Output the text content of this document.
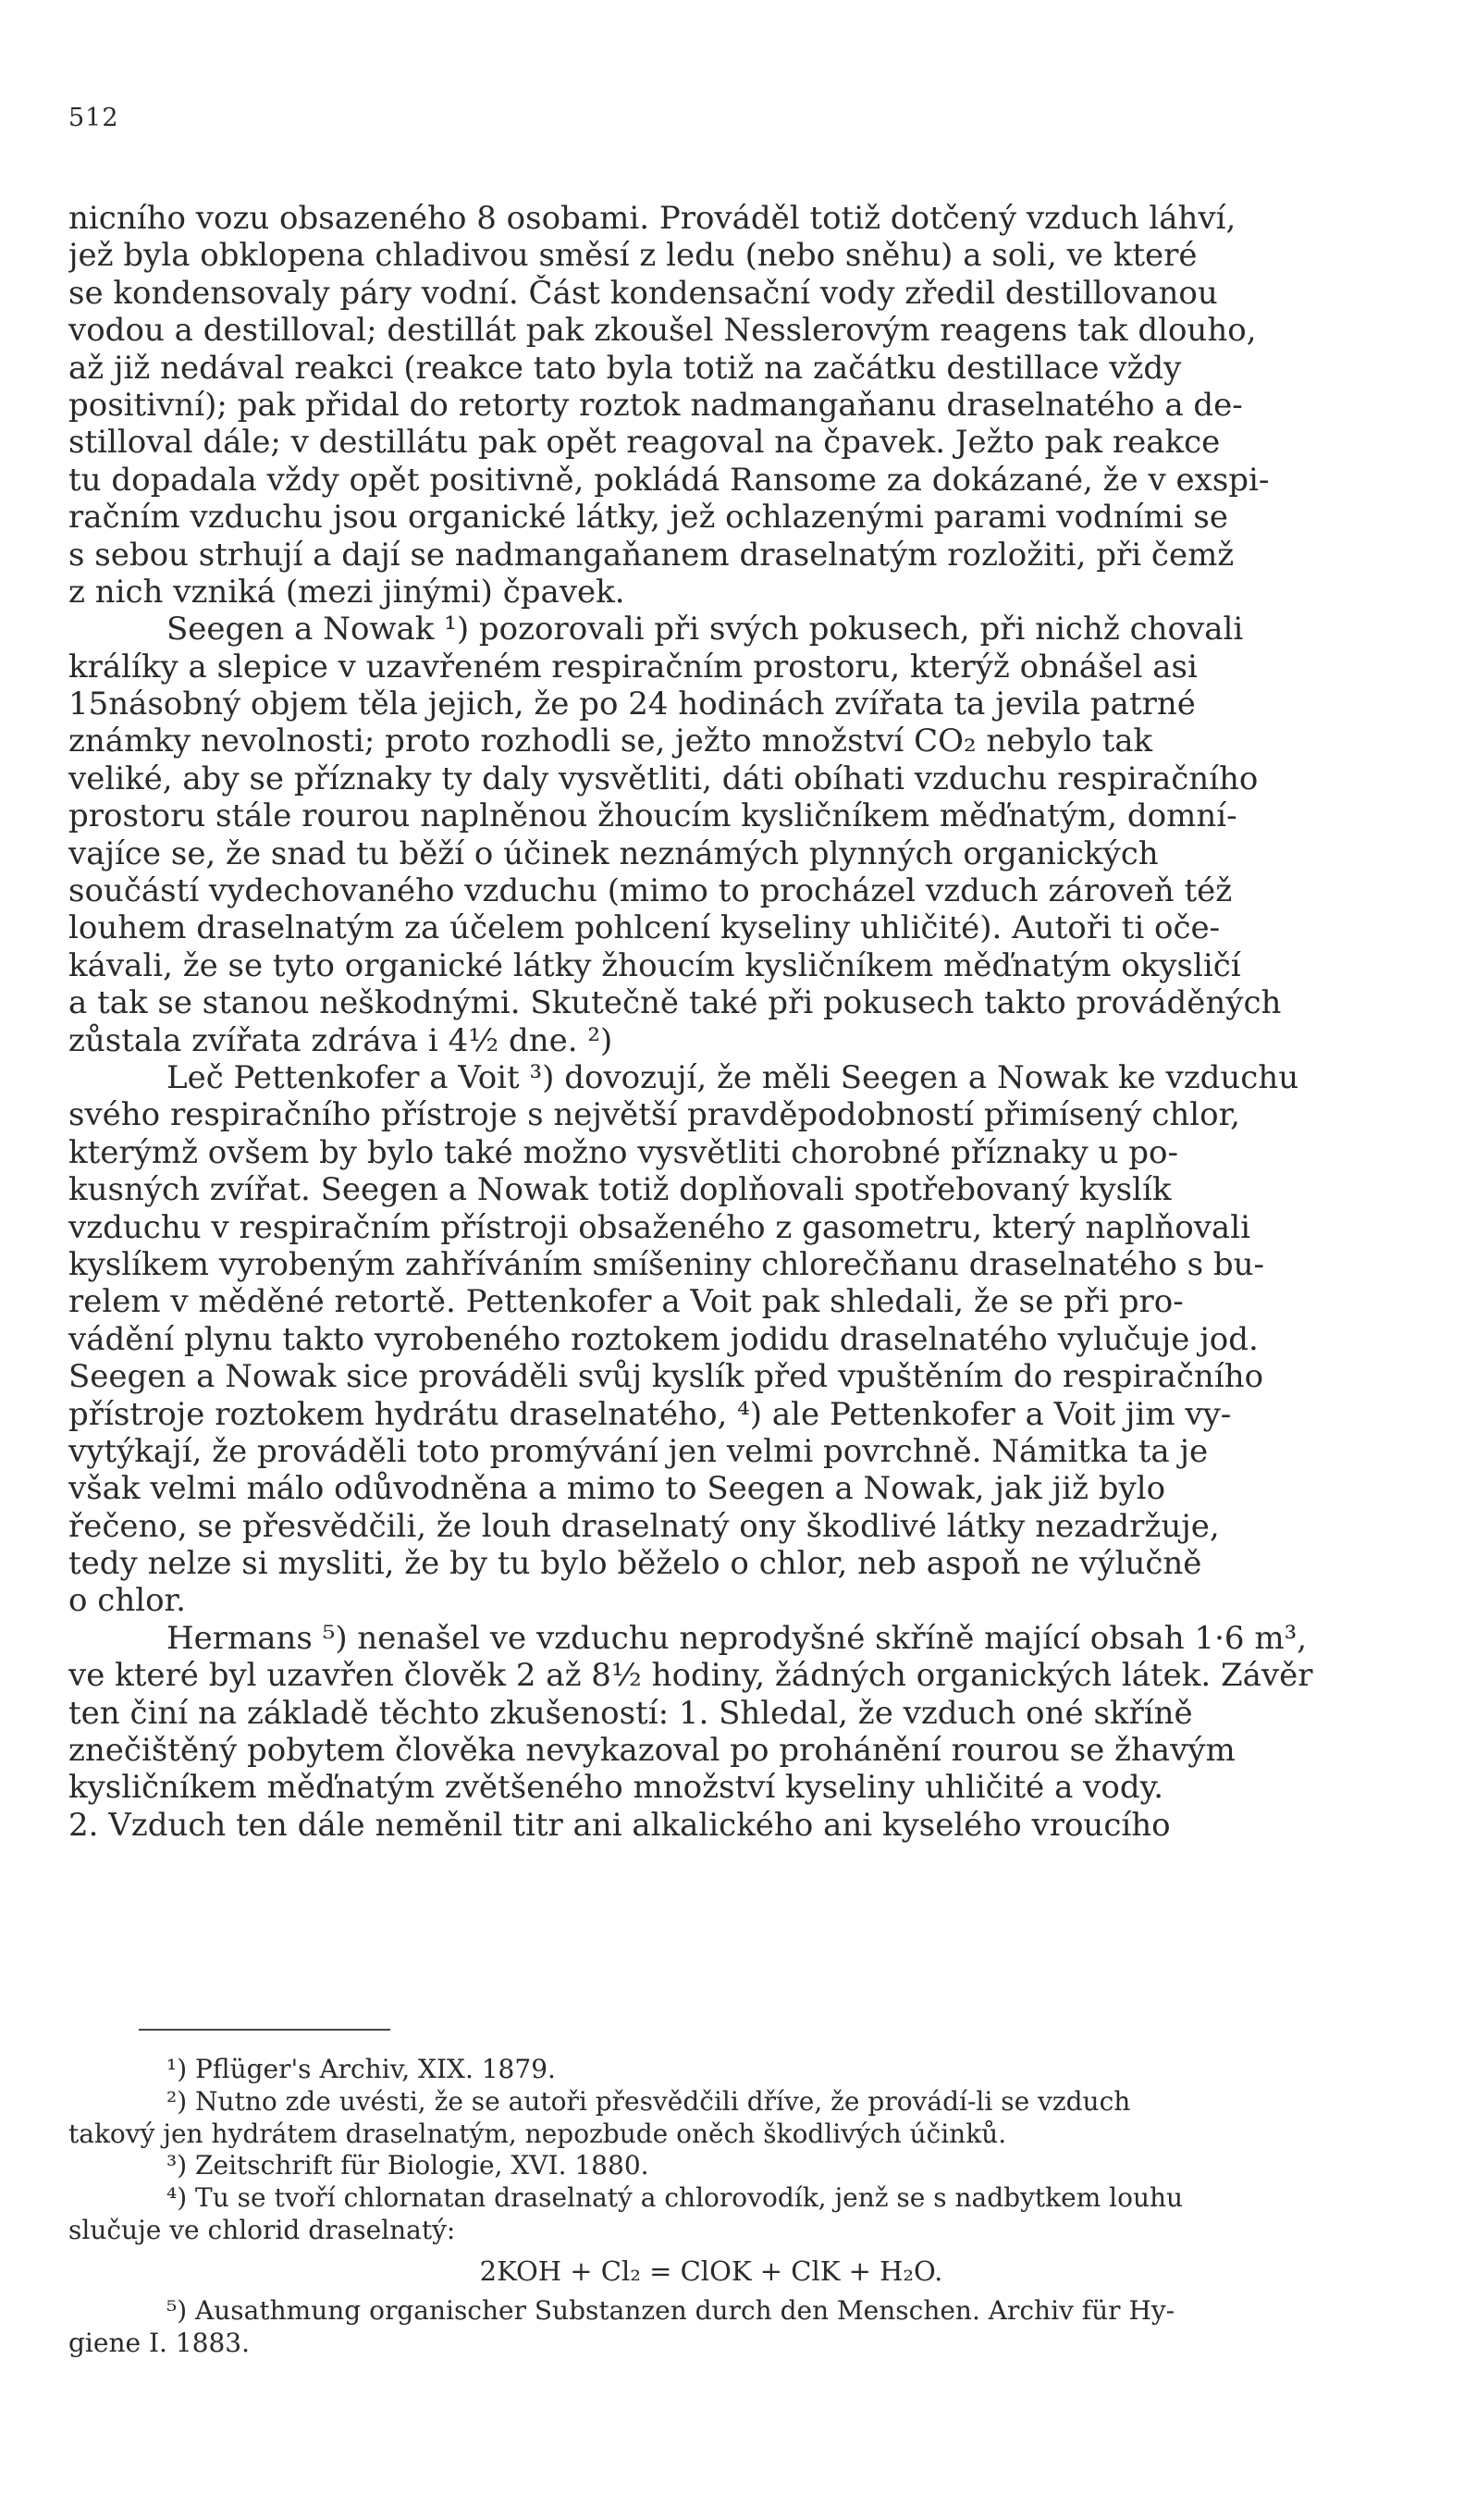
512
nicního vozu obsazeného 8 osobami. Prováděl totiž dotčený vzduch láhví,
jež byla obklopena chladivou směsí z ledu (nebo sněhu) a soli, ve které
se kondensovaly páry vodní. Část kondensační vody zředil destillovanou
vodou a destilloval; destillát pak zkoušel Nesslerovým reagens tak dlouho,
až již nedával reakci (reakce tato byla totiž na začátku destillace vždy
positivní); pak přidal do retorty roztok nadmangaňanu draselnatého a de-
stilloval dále; v destillátu pak opět reagoval na čpavek. Ježto pak reakce
tu dopadala vždy opět positivně, pokládá Ransome za dokázané, že v exspi-
račním vzduchu jsou organické látky, jež ochlazenými parami vodními se
s sebou strhují a dají se nadmangaňanem draselnatým rozložiti, při čemž
z nich vzniká (mezi jinými) čpavek.
Seegen a Nowak ¹) pozorovali při svých pokusech, při nichž chovali
králíky a slepice v uzavřeném respiračním prostoru, kterýž obnášel asi
15násobný objem těla jejich, že po 24 hodinách zvířata ta jevila patrné
známky nevolnosti; proto rozhodli se, ježto množství CO₂ nebylo tak
veliké, aby se příznaky ty daly vysvětliti, dáti obíhati vzduchu respiračního
prostoru stále rourou naplněnou žhoucím kysličníkem měďnatým, domní-
vajíce se, že snad tu běží o účinek neznámých plynných organických
součástí vydechovaného vzduchu (mimo to procházel vzduch zároveň též
louhem draselnatým za účelem pohlcení kyseliny uhličité). Autoři ti oče-
kávali, že se tyto organické látky žhoucím kysličníkem měďnatým okysličí
a tak se stanou neškodnými. Skutečně také při pokusech takto prováděných
zůstala zvířata zdráva i 4½ dne. ²)
Leč Pettenkofer a Voit ³) dovozují, že měli Seegen a Nowak ke vzduchu
svého respiračního přístroje s největší pravděpodobností přimísený chlor,
kterýmž ovšem by bylo také možno vysvětliti chorobné příznaky u po-
kusných zvířat. Seegen a Nowak totiž doplňovali spotřebovaný kyslík
vzduchu v respiračním přístroji obsaženého z gasometru, který naplňovali
kyslíkem vyrobeným zahříváním smíšeniny chlorečňanu draselnatého s bu-
relem v měděné retortě. Pettenkofer a Voit pak shledali, že se při pro-
vádění plynu takto vyrobeného roztokem jodidu draselnatého vylučuje jod.
Seegen a Nowak sice prováděli svůj kyslík před vpuštěním do respiračního
přístroje roztokem hydrátu draselnatého, ⁴) ale Pettenkofer a Voit jim vy-
vytýkají, že prováděli toto promývání jen velmi povrchně. Námitka ta je
však velmi málo odůvodněna a mimo to Seegen a Nowak, jak již bylo
řečeno, se přesvědčili, že louh draselnatý ony škodlivé látky nezadržuje,
tedy nelze si mysliti, že by tu bylo běželo o chlor, neb aspoň ne výlučně
o chlor.
Hermans ⁵) nenašel ve vzduchu neprodyšné skříně mající obsah 1·6 m³,
ve které byl uzavřen člověk 2 až 8½ hodiny, žádných organických látek. Závěr
ten činí na základě těchto zkušeností: 1. Shledal, že vzduch oné skříně
znečištěný pobytem člověka nevykazoval po prohánění rourou se žhavým
kysličníkem měďnatým zvětšeného množství kyseliny uhličité a vody.
2. Vzduch ten dále neměnil titr ani alkalického ani kyselého vroucího
¹) Pflüger's Archiv, XIX. 1879.
²) Nutno zde uvésti, že se autoři přesvědčili dříve, že provádí-li se vzduch
takový jen hydrátem draselnatým, nepozbude oněch škodlivých účinků.
³) Zeitschrift für Biologie, XVI. 1880.
⁴) Tu se tvoří chlornatan draselnatý a chlorovodík, jenž se s nadbytkem louhu
slučuje ve chlorid draselnatý:
2KOH + Cl₂ = ClOK + ClK + H₂O.
⁵) Ausathmung organischer Substanzen durch den Menschen. Archiv für Hy-
giene I. 1883.
